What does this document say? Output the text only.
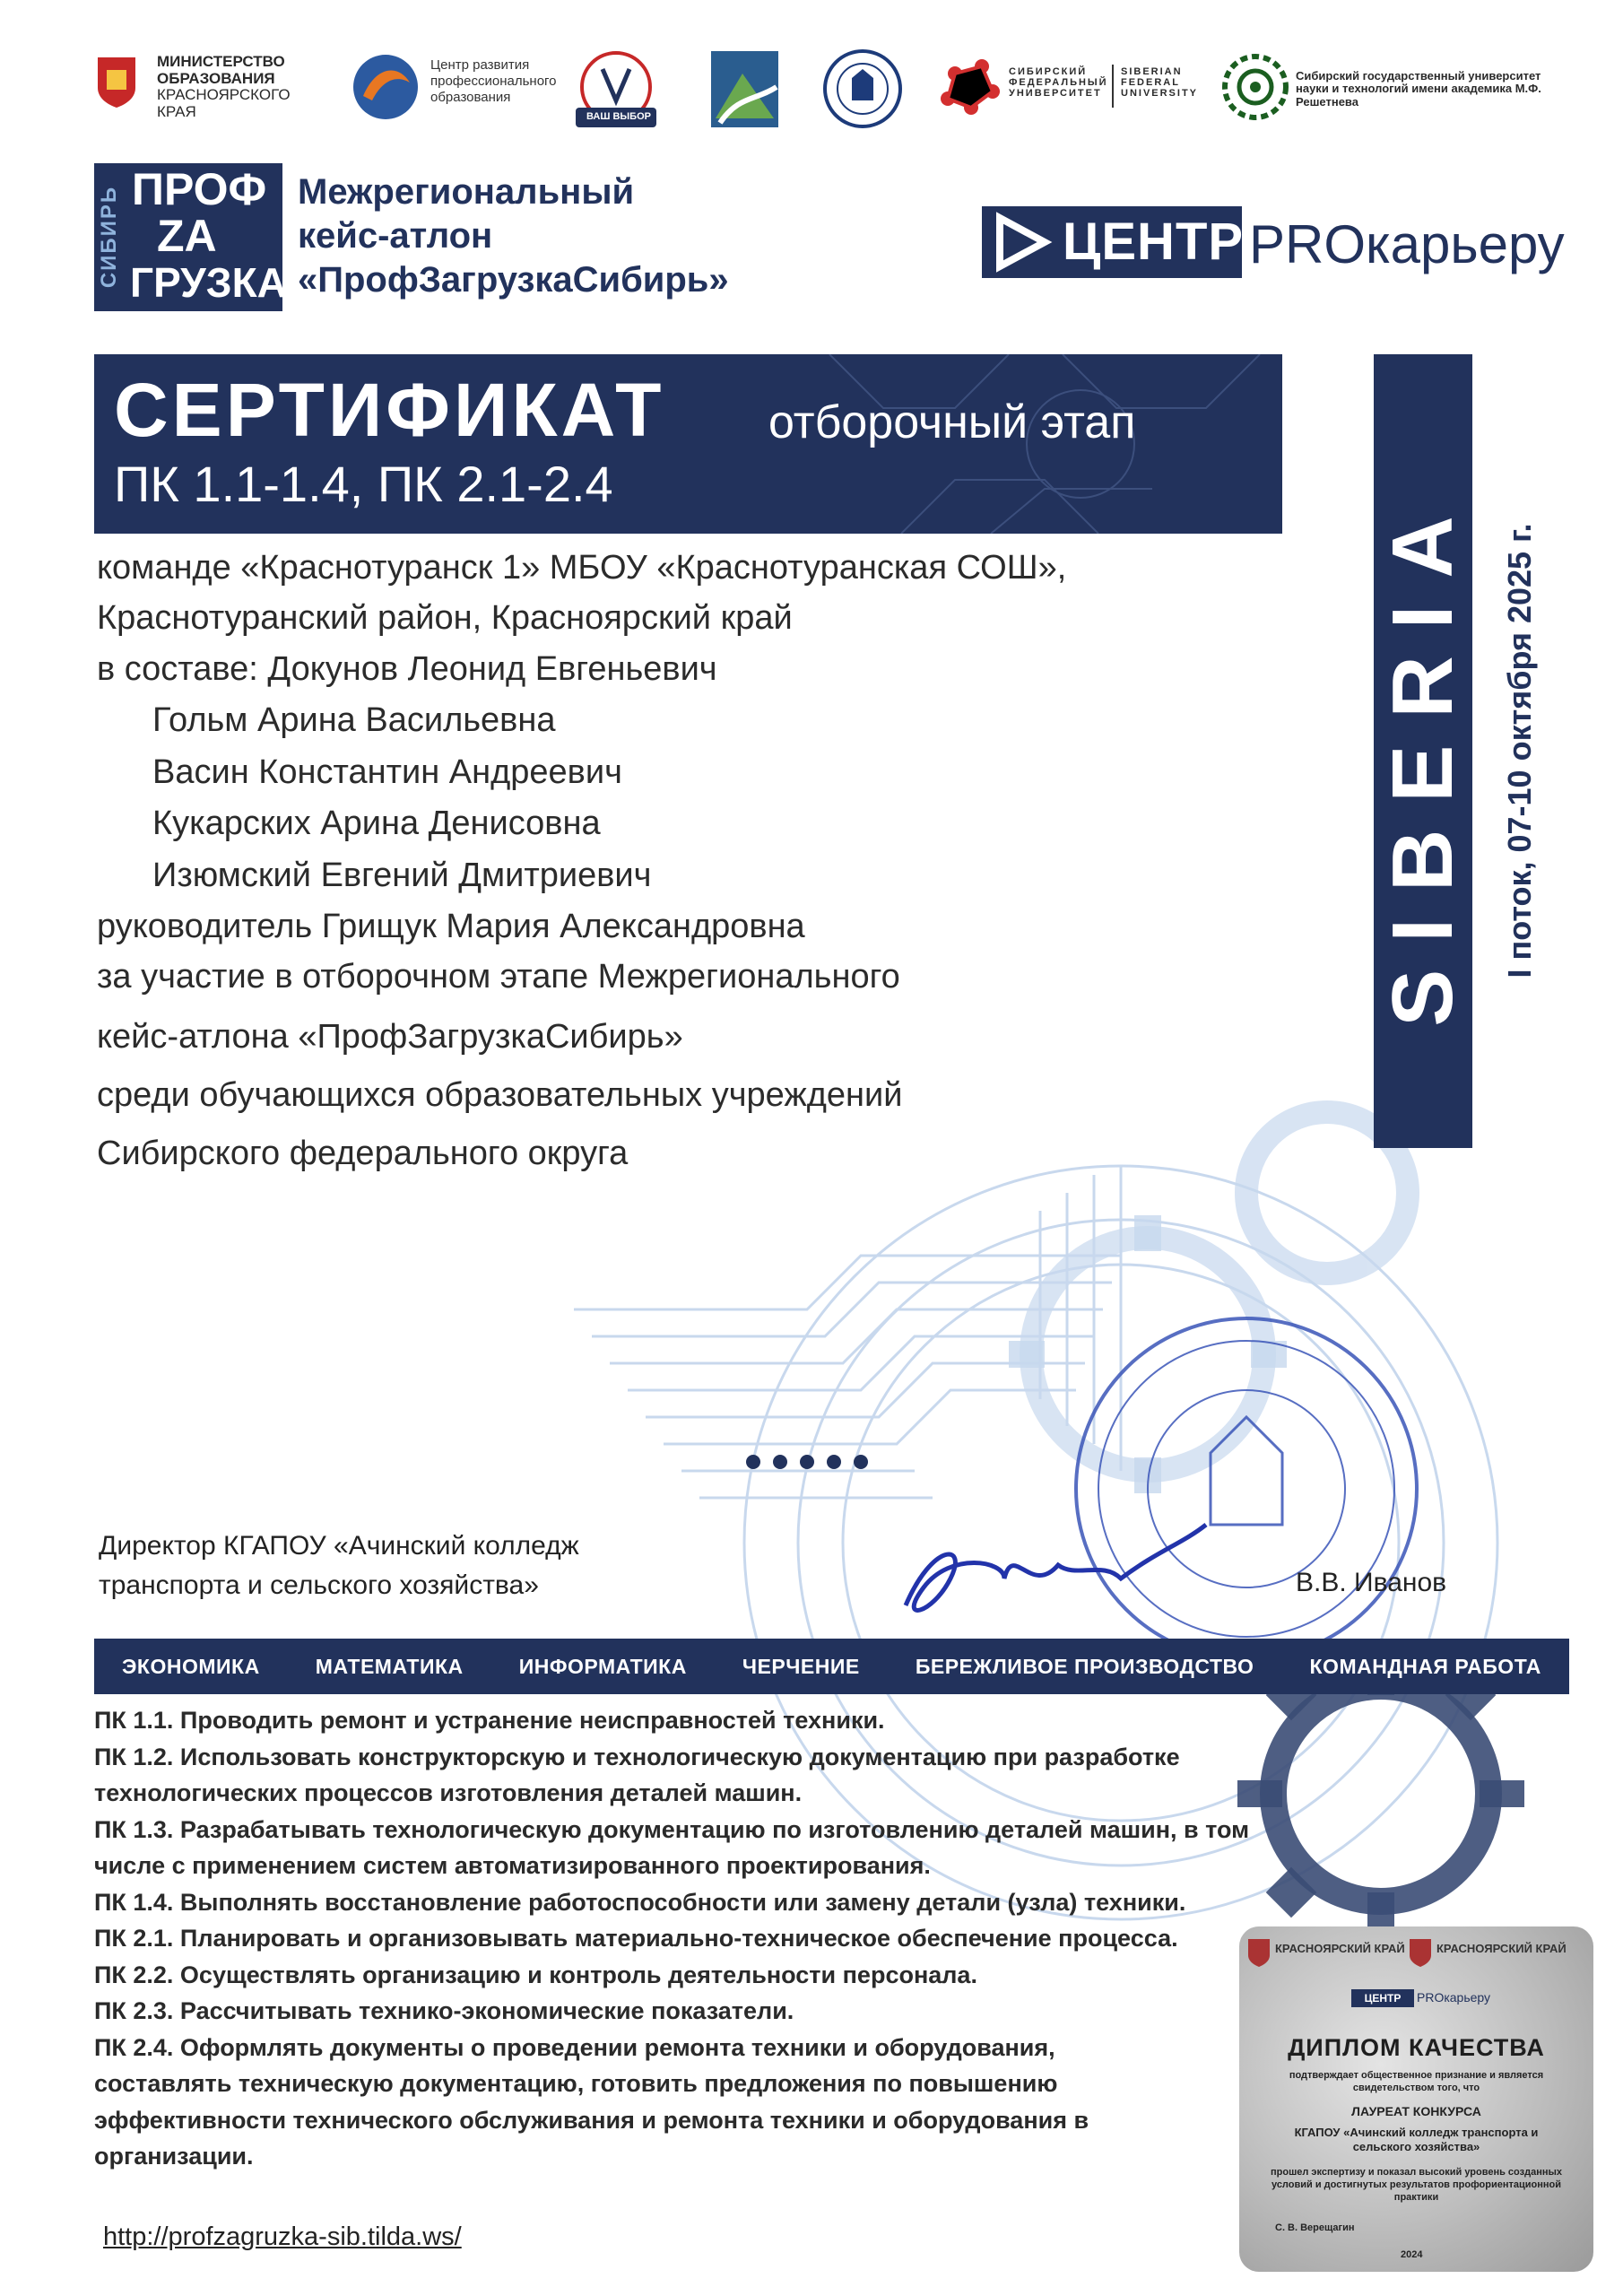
МИНИСТЕРСТВО
ОБРАЗОВАНИЯ
КРАСНОЯРСКОГО
КРАЯ
Центр развития
профессионального
образования
ВАШ ВЫБОР
СИБИРСКИЙ
ФЕДЕРАЛЬНЫЙ
УНИВЕРСИТЕТ
SIBERIAN
FEDERAL
UNIVERSITY
Сибирский государственный университет
науки и технологий имени академика М.Ф. Решетнева
СИБИРЬ ПРОФ
ZA
ГРУЗКА
Межрегиональный
кейс-атлон
«ПрофЗагрузкаСибирь»
ЦЕНТР PROкарьеру
СЕРТИФИКАТ отборочный этап
ПК 1.1-1.4, ПК 2.1-2.4
SIBERIA I поток, 07-10 октября 2025 г.
команде «Краснотуранск 1» МБОУ «Краснотуранская СОШ»,
Краснотуранский район, Красноярский край
в составе: Докунов Леонид Евгеньевич
Гольм Арина Васильевна
Васин Константин Андреевич
Кукарских Арина Денисовна
Изюмский Евгений Дмитриевич
руководитель Грищук Мария Александровна
за участие в отборочном этапе Межрегионального
кейс-атлона «ПрофЗагрузкаСибирь»
среди обучающихся образовательных учреждений
Сибирского федерального округа
Директор КГАПОУ «Ачинский колледж
транспорта и сельского хозяйства»	В.В. Иванов
ЭКОНОМИКА	МАТЕМАТИКА	ИНФОРМАТИКА	ЧЕРЧЕНИЕ	БЕРЕЖЛИВОЕ ПРОИЗВОДСТВО	КОМАНДНАЯ РАБОТА

ПК 1.1. Проводить ремонт и устранение неисправностей техники.

ПК 1.2. Использовать конструкторскую и технологическую документацию при разработке технологических процессов изготовления деталей машин.

ПК 1.3. Разрабатывать технологическую документацию по изготовлению деталей машин, в том числе с применением систем автоматизированного проектирования.

ПК 1.4. Выполнять восстановление работоспособности или замену детали (узла) техники.

ПК 2.1. Планировать и организовывать материально-техническое обеспечение процесса.

ПК 2.2. Осуществлять организацию и контроль деятельности персонала.

ПК 2.3. Рассчитывать технико-экономические показатели.

ПК 2.4. Оформлять документы о проведении ремонта техники и оборудования, составлять техническую документацию, готовить предложения по повышению эффективности технического обслуживания и ремонта техники и оборудования в организации.

КРАСНОЯРСКИЙ КРАЙ	КРАСНОЯРСКИЙ КРАЙ
ЦЕНТР	PROкарьеру
ДИПЛОМ КАЧЕСТВА
подтверждает общественное признание и является свидетельством того, что
ЛАУРЕАТ КОНКУРСА
КГАПОУ «Ачинский колледж транспорта и сельского хозяйства»
прошел экспертизу и показал высокий уровень созданных условий и достигнутых результатов профориентационной практики
С. В. Верещагин
2024
http://profzagruzka-sib.tilda.ws/
